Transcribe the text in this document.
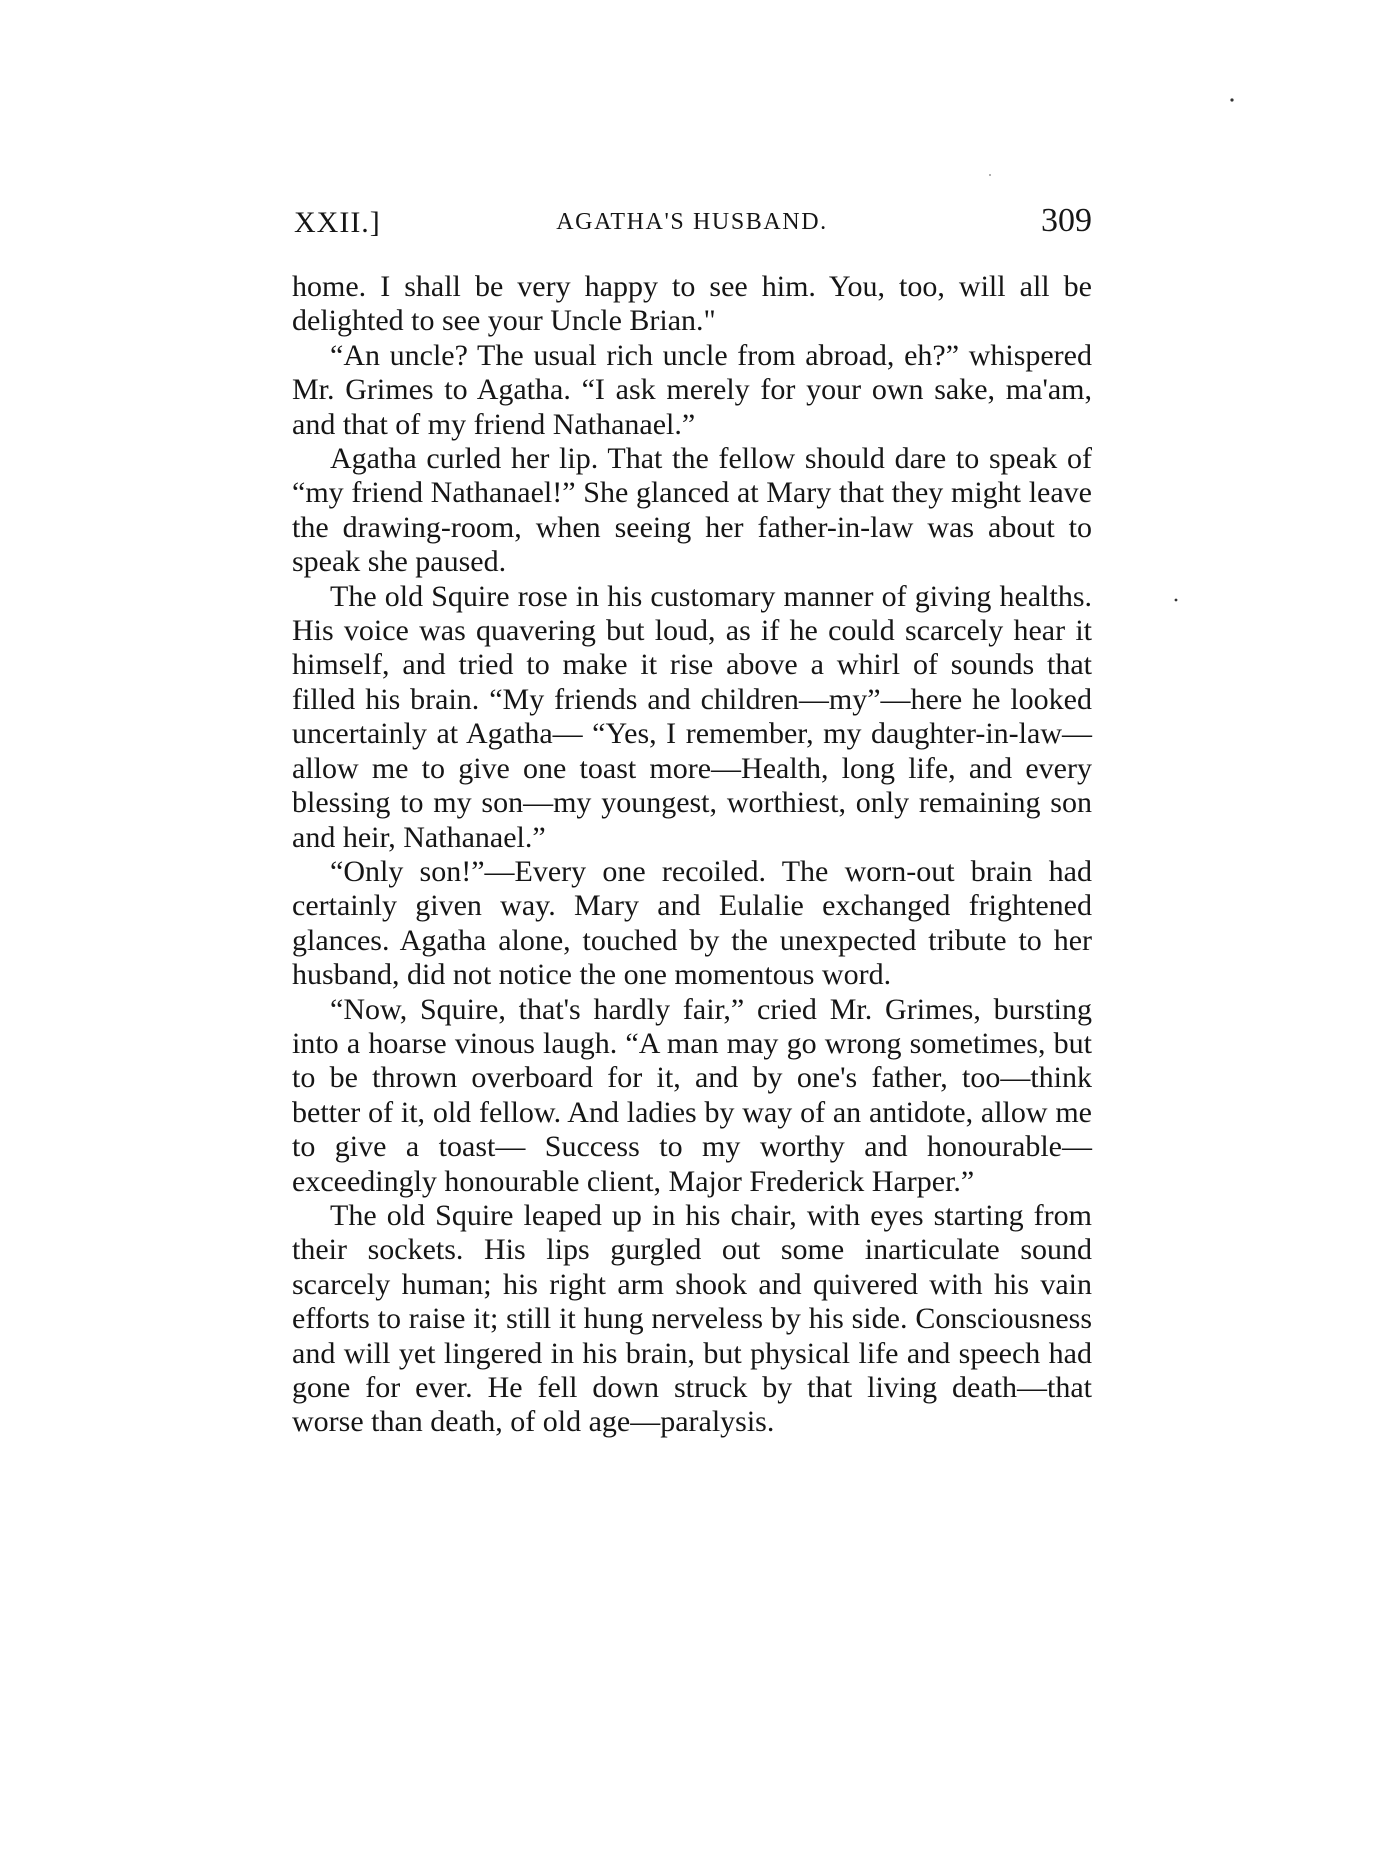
XXII.]	AGATHA'S HUSBAND.	309

home. I shall be very happy to see him. You, too, will all be delighted to see your Uncle Brian."

“An uncle? The usual rich uncle from abroad, eh?” whispered Mr. Grimes to Agatha. “I ask merely for your own sake, ma'am, and that of my friend Nathanael.”

Agatha curled her lip. That the fellow should dare to speak of “my friend Nathanael!” She glanced at Mary that they might leave the drawing-room, when seeing her father-in-law was about to speak she paused.

The old Squire rose in his customary manner of giving healths. His voice was quavering but loud, as if he could scarcely hear it himself, and tried to make it rise above a whirl of sounds that filled his brain. “My friends and children—my”—here he looked uncertainly at Agatha— “Yes, I remember, my daughter-in-law—allow me to give one toast more—Health, long life, and every blessing to my son—my youngest, worthiest, only remaining son and heir, Nathanael.”

“Only son!”—Every one recoiled. The worn-out brain had certainly given way. Mary and Eulalie exchanged frightened glances. Agatha alone, touched by the unexpected tribute to her husband, did not notice the one momentous word.

“Now, Squire, that's hardly fair,” cried Mr. Grimes, bursting into a hoarse vinous laugh. “A man may go wrong sometimes, but to be thrown overboard for it, and by one's father, too—think better of it, old fellow. And ladies by way of an antidote, allow me to give a toast— Success to my worthy and honourable—exceedingly honourable client, Major Frederick Harper.”

The old Squire leaped up in his chair, with eyes starting from their sockets. His lips gurgled out some inarticulate sound scarcely human; his right arm shook and quivered with his vain efforts to raise it; still it hung nerveless by his side. Consciousness and will yet lingered in his brain, but physical life and speech had gone for ever. He fell down struck by that living death—that worse than death, of old age—paralysis.
